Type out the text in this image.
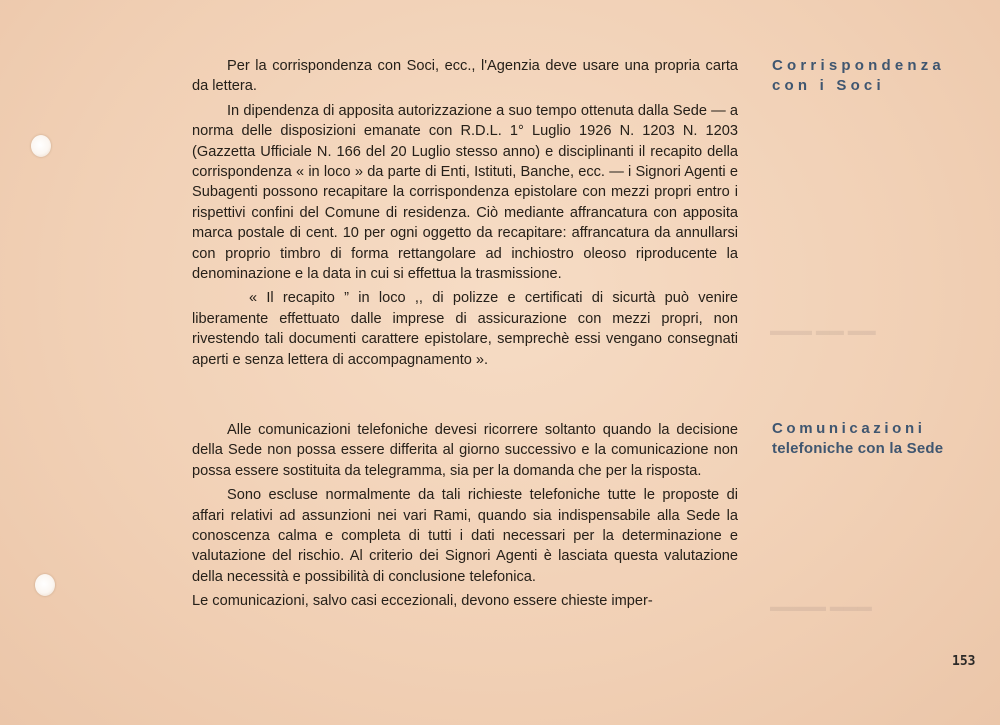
▬▬▬ ▬▬ ▬▬
▬▬▬▬ ▬▬▬

Per la corrispondenza con Soci, ecc., l'Agenzia deve usare una propria carta da lettera.

In dipendenza di apposita autorizzazione a suo tempo ottenuta dalla Sede — a norma delle disposizioni emanate con R.D.L. 1° Luglio 1926 N. 1203 N. 1203 (Gazzetta Ufficiale N. 166 del 20 Luglio stesso anno) e disciplinanti il recapito della corrispondenza « in loco » da parte di Enti, Istituti, Banche, ecc. — i Signori Agenti e Subagenti possono recapitare la corrispondenza epistolare con mezzi propri entro i rispettivi confini del Comune di residenza. Ciò mediante affrancatura con apposita marca postale di cent. 10 per ogni oggetto da recapitare: affrancatura da annullarsi con proprio timbro di forma rettangolare ad inchiostro oleoso riproducente la denominazione e la data in cui si effettua la trasmissione.

« Il recapito ” in loco ,, di polizze e certificati di sicurtà può venire liberamente effettuato dalle imprese di assicurazione con mezzi propri, non rivestendo tali documenti carattere epistolare, semprechè essi vengano consegnati aperti e senza lettera di accompagnamento ».

Alle comunicazioni telefoniche devesi ricorrere soltanto quando la decisione della Sede non possa essere differita al giorno successivo e la comunicazione non possa essere sostituita da telegramma, sia per la domanda che per la risposta.

Sono escluse normalmente da tali richieste telefoniche tutte le proposte di affari relativi ad assunzioni nei vari Rami, quando sia indispensabile alla Sede la conoscenza calma e completa di tutti i dati necessari per la determinazione e valutazione del rischio. Al criterio dei Signori Agenti è lasciata questa valutazione della necessità e possibilità di conclusione telefonica.

Le comunicazioni, salvo casi eccezionali, devono essere chieste imper-

Corrispondenza
con i Soci
Comunicazioni
telefoniche con la Sede
153
